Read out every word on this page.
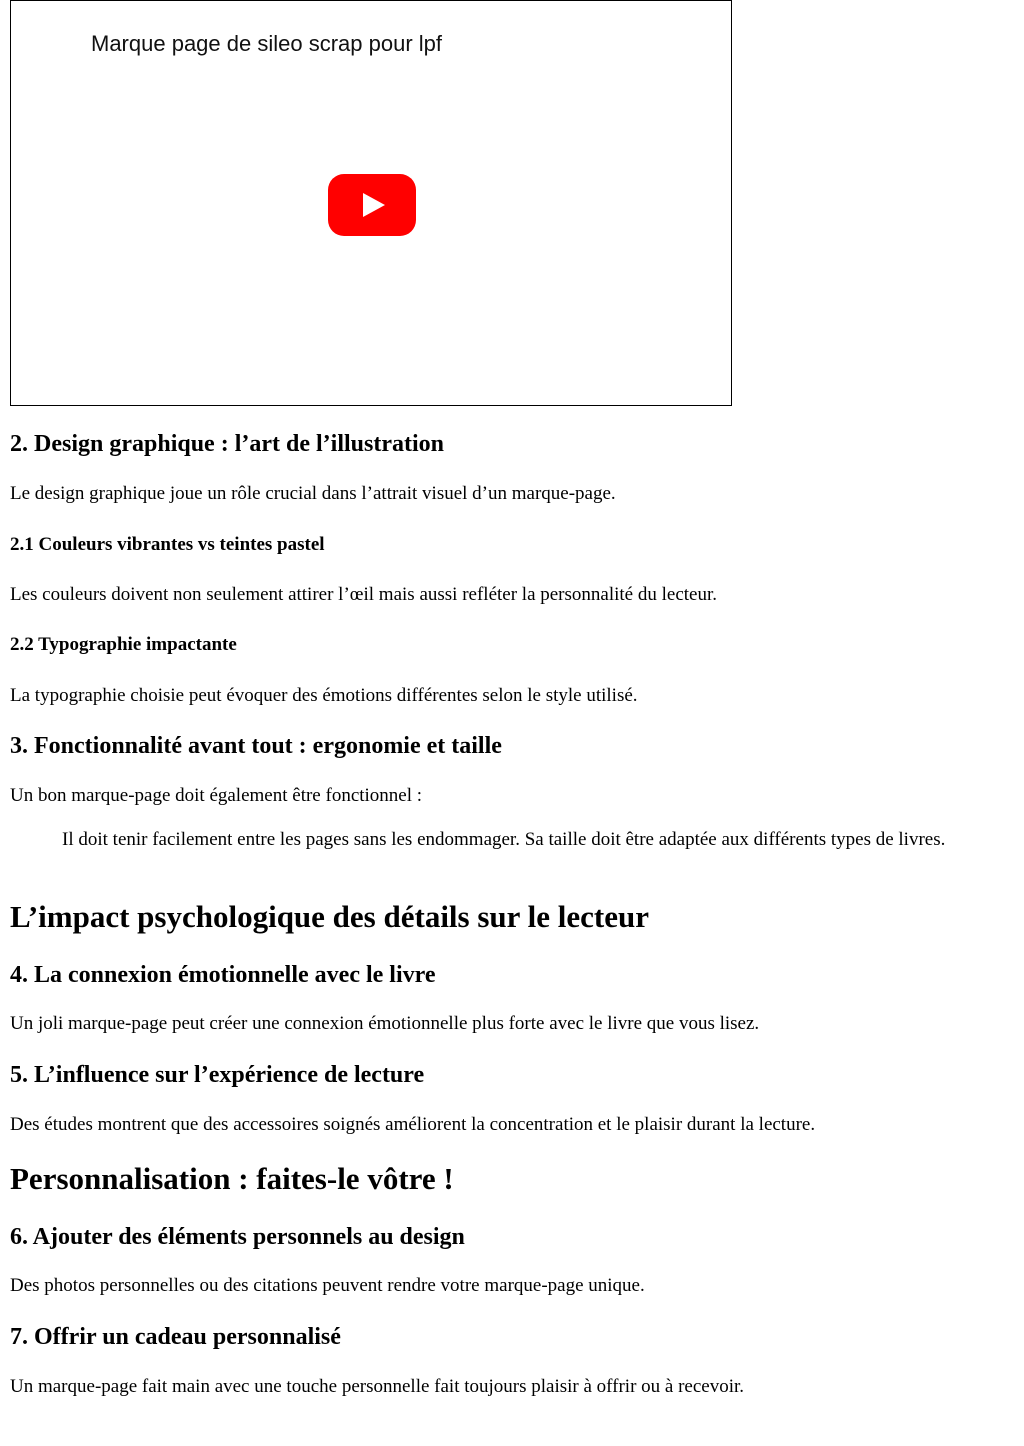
Marque page de sileo scrap pour lpf
2. Design graphique : l’art de l’illustration

Le design graphique joue un rôle crucial dans l’attrait visuel d’un marque-page.

2.1 Couleurs vibrantes vs teintes pastel

Les couleurs doivent non seulement attirer l’œil mais aussi refléter la personnalité du lecteur.

2.2 Typographie impactante

La typographie choisie peut évoquer des émotions différentes selon le style utilisé.

3. Fonctionnalité avant tout : ergonomie et taille

Un bon marque-page doit également être fonctionnel :

Il doit tenir facilement entre les pages sans les endommager. Sa taille doit être adaptée aux différents types de livres.
L’impact psychologique des détails sur le lecteur
4. La connexion émotionnelle avec le livre

Un joli marque-page peut créer une connexion émotionnelle plus forte avec le livre que vous lisez.

5. L’influence sur l’expérience de lecture

Des études montrent que des accessoires soignés améliorent la concentration et le plaisir durant la lecture.

Personnalisation : faites-le vôtre !
6. Ajouter des éléments personnels au design

Des photos personnelles ou des citations peuvent rendre votre marque-page unique.

7. Offrir un cadeau personnalisé

Un marque-page fait main avec une touche personnelle fait toujours plaisir à offrir ou à recevoir.
